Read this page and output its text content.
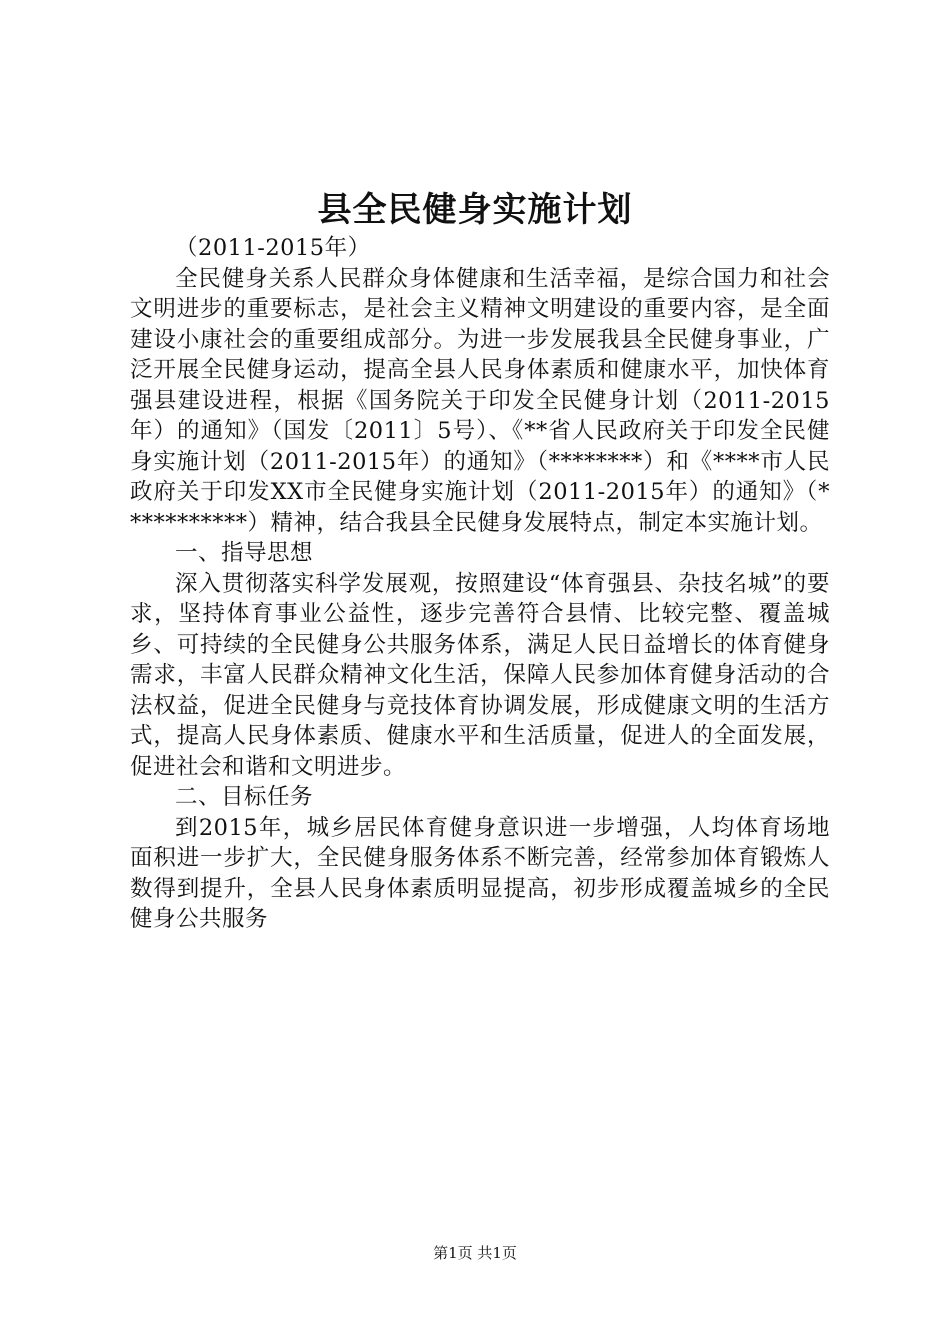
县全民健身实施计划

（2011-2015年）

全民健身关系人民群众身体健康和生活幸福，是综合国力和社会文明进步的重要标志，是社会主义精神文明建设的重要内容，是全面建设小康社会的重要组成部分。为进一步发展我县全民健身事业，广泛开展全民健身运动，提高全县人民身体素质和健康水平，加快体育强县建设进程，根据《国务院关于印发全民健身计划（2011-2015年）的通知》（国发〔2011〕5号）、《**省人民政府关于印发全民健身实施计划（2011-2015年）的通知》（********）和《****市人民政府关于印发XX市全民健身实施计划（2011-2015年）的通知》（***********）精神，结合我县全民健身发展特点，制定本实施计划。

一、指导思想

深入贯彻落实科学发展观，按照建设“体育强县、杂技名城”的要求，坚持体育事业公益性，逐步完善符合县情、比较完整、覆盖城乡、可持续的全民健身公共服务体系，满足人民日益增长的体育健身需求，丰富人民群众精神文化生活，保障人民参加体育健身活动的合法权益，促进全民健身与竞技体育协调发展，形成健康文明的生活方式，提高人民身体素质、健康水平和生活质量，促进人的全面发展，促进社会和谐和文明进步。

二、目标任务

到2015年，城乡居民体育健身意识进一步增强，人均体育场地面积进一步扩大，全民健身服务体系不断完善，经常参加体育锻炼人数得到提升，全县人民身体素质明显提高，初步形成覆盖城乡的全民健身公共服务

第1页 共1页
